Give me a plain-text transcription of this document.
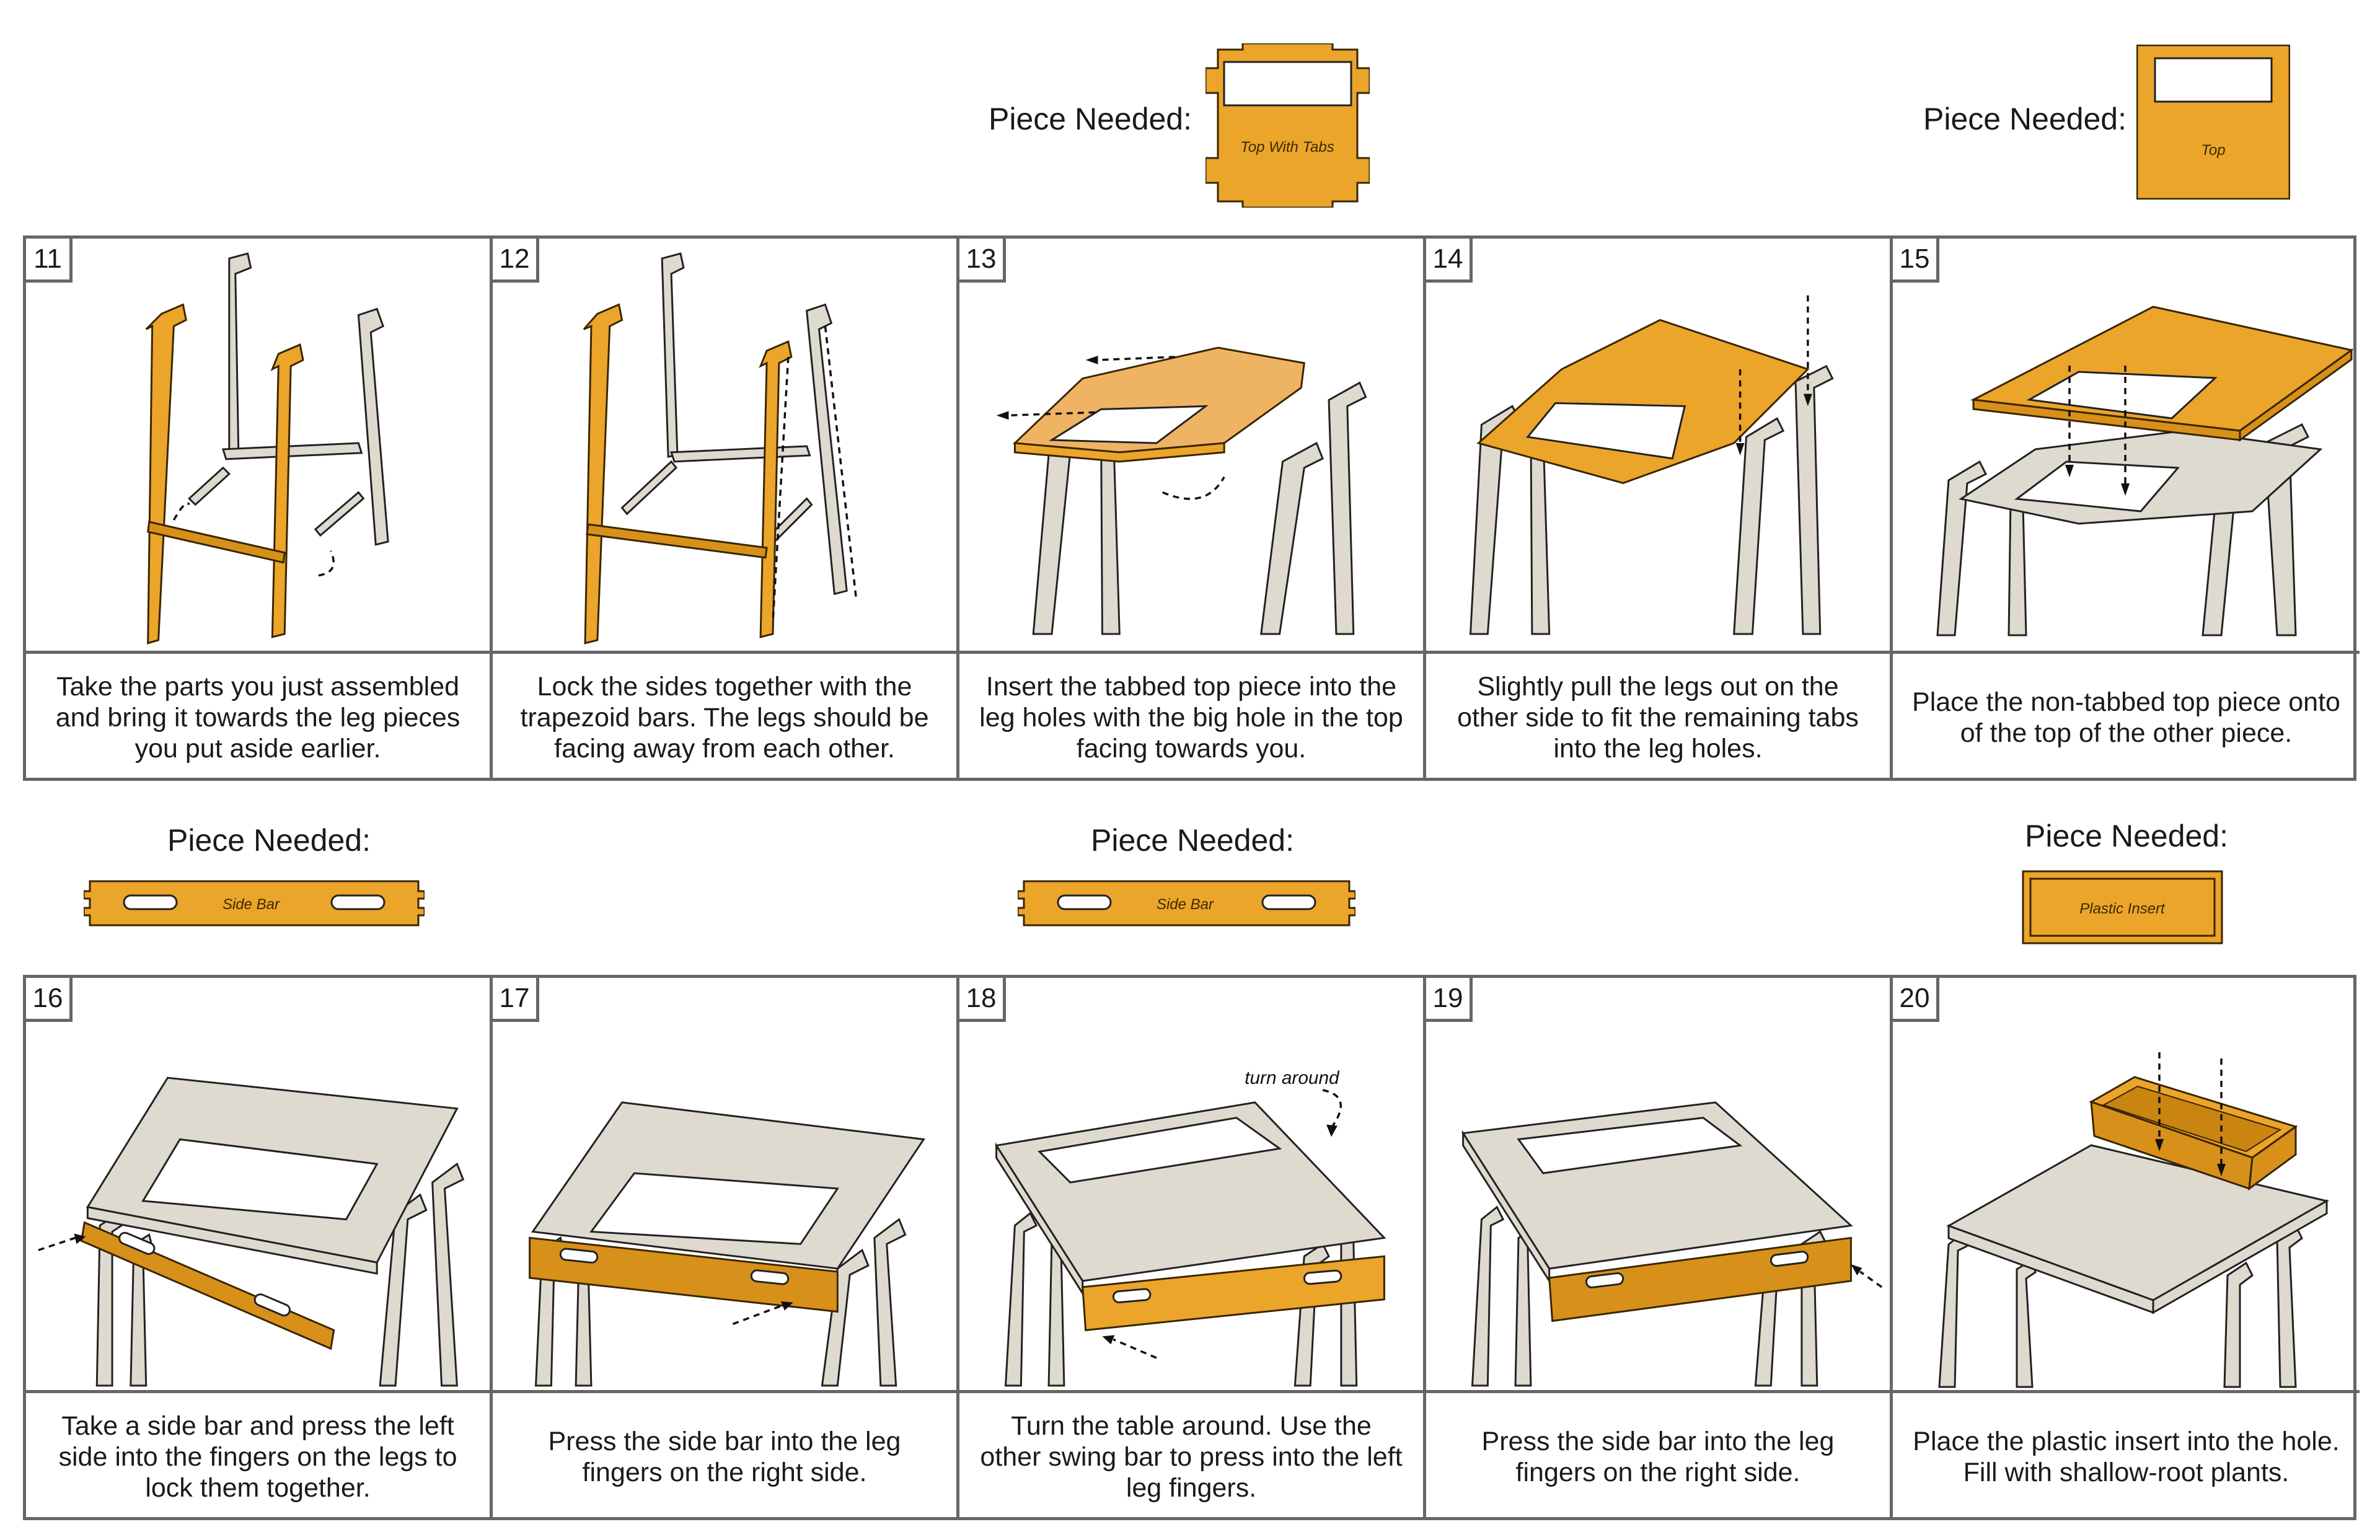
Piece Needed:
Top With Tabs
Piece Needed:
Top
11
Take the parts you just assembled and bring it towards the leg pieces you put aside earlier.
12
Lock the sides together with the trapezoid bars. The legs should be facing away from each other.
13
Insert the tabbed top piece into the leg holes with the big hole in the top facing towards you.
14
Slightly pull the legs out on the other side to fit the remaining tabs into the leg holes.
15
Place the non-tabbed top piece onto of the top of the other piece.
Piece Needed:
Side Bar
Piece Needed:
Side Bar
Piece Needed:
Plastic Insert
16
Take a side bar and press the left side into the fingers on the legs to lock them together.
17
Press the side bar into the leg fingers on the right side.
turn around
18
Turn the table around. Use the other swing bar to press into the left leg fingers.
19
Press the side bar into the leg fingers on the right side.
20
Place the plastic insert into the hole. Fill with shallow-root plants.
